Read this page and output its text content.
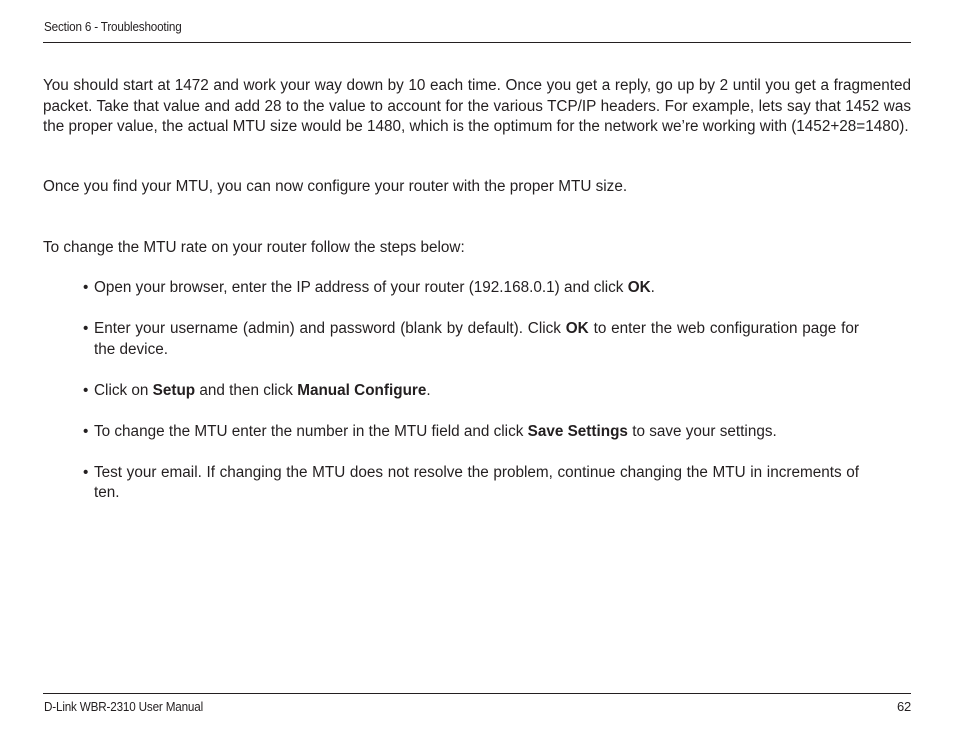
Section 6 - Troubleshooting

You should start at 1472 and work your way down by 10 each time. Once you get a reply, go up by 2 until you get a fragmented packet. Take that value and add 28 to the value to account for the various TCP/IP headers. For example, lets say that 1452 was the proper value, the actual MTU size would be 1480, which is the optimum for the network we’re working with (1452+28=1480).

Once you find your MTU, you can now configure your router with the proper MTU size.

To change the MTU rate on your router follow the steps below:

• Open your browser, enter the IP address of your router (192.168.0.1) and click OK.
• Enter your username (admin) and password (blank by default). Click OK to enter the web configuration page for the device.
• Click on Setup and then click Manual Configure.
• To change the MTU enter the number in the MTU field and click Save Settings to save your settings.
• Test your email. If changing the MTU does not resolve the problem, continue changing the MTU in increments of ten.
D-Link WBR-2310 User Manual	62
